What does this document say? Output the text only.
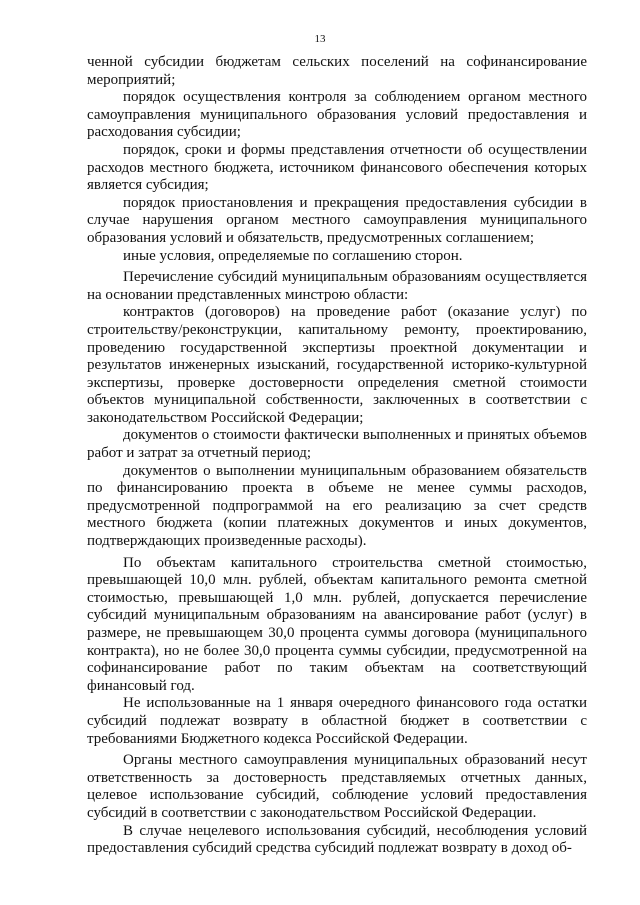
13

ченной субсидии бюджетам сельских поселений на софинансирование мероприятий;

порядок осуществления контроля за соблюдением органом местного самоуправления муниципального образования условий предоставления и расходования субсидии;

порядок, сроки и формы представления отчетности об осуществлении расходов местного бюджета, источником финансового обеспечения которых является субсидия;

порядок приостановления и прекращения предоставления субсидии в случае нарушения органом местного самоуправления муниципального образования условий и обязательств, предусмотренных соглашением;

иные условия, определяемые по соглашению сторон.

Перечисление субсидий муниципальным образованиям осуществляется на основании представленных минстрою области:

контрактов (договоров) на проведение работ (оказание услуг) по строительству/реконструкции, капитальному ремонту, проектированию, проведению государственной экспертизы проектной документации и результатов инженерных изысканий, государственной историко-культурной экспертизы, проверке достоверности определения сметной стоимости объектов муниципальной собственности, заключенных в соответствии с законодательством Российской Федерации;

документов о стоимости фактически выполненных и принятых объемов работ и затрат за отчетный период;

документов о выполнении муниципальным образованием обязательств по финансированию проекта в объеме не менее суммы расходов, предусмотренной подпрограммой на его реализацию за счет средств местного бюджета (копии платежных документов и иных документов, подтверждающих произведенные расходы).

По объектам капитального строительства сметной стоимостью, превышающей 10,0 млн. рублей, объектам капитального ремонта сметной стоимостью, превышающей 1,0 млн. рублей, допускается перечисление субсидий муниципальным образованиям на авансирование работ (услуг) в размере, не превышающем 30,0 процента суммы договора (муниципального контракта), но не более 30,0 процента суммы субсидии, предусмотренной на софинансирование работ по таким объектам на соответствующий финансовый год.

Не использованные на 1 января очередного финансового года остатки субсидий подлежат возврату в областной бюджет в соответствии с требованиями Бюджетного кодекса Российской Федерации.

Органы местного самоуправления муниципальных образований несут ответственность за достоверность представляемых отчетных данных, целевое использование субсидий, соблюдение условий предоставления субсидий в соответствии с законодательством Российской Федерации.

В случае нецелевого использования субсидий, несоблюдения условий предоставления субсидий средства субсидий подлежат возврату в доход об-
